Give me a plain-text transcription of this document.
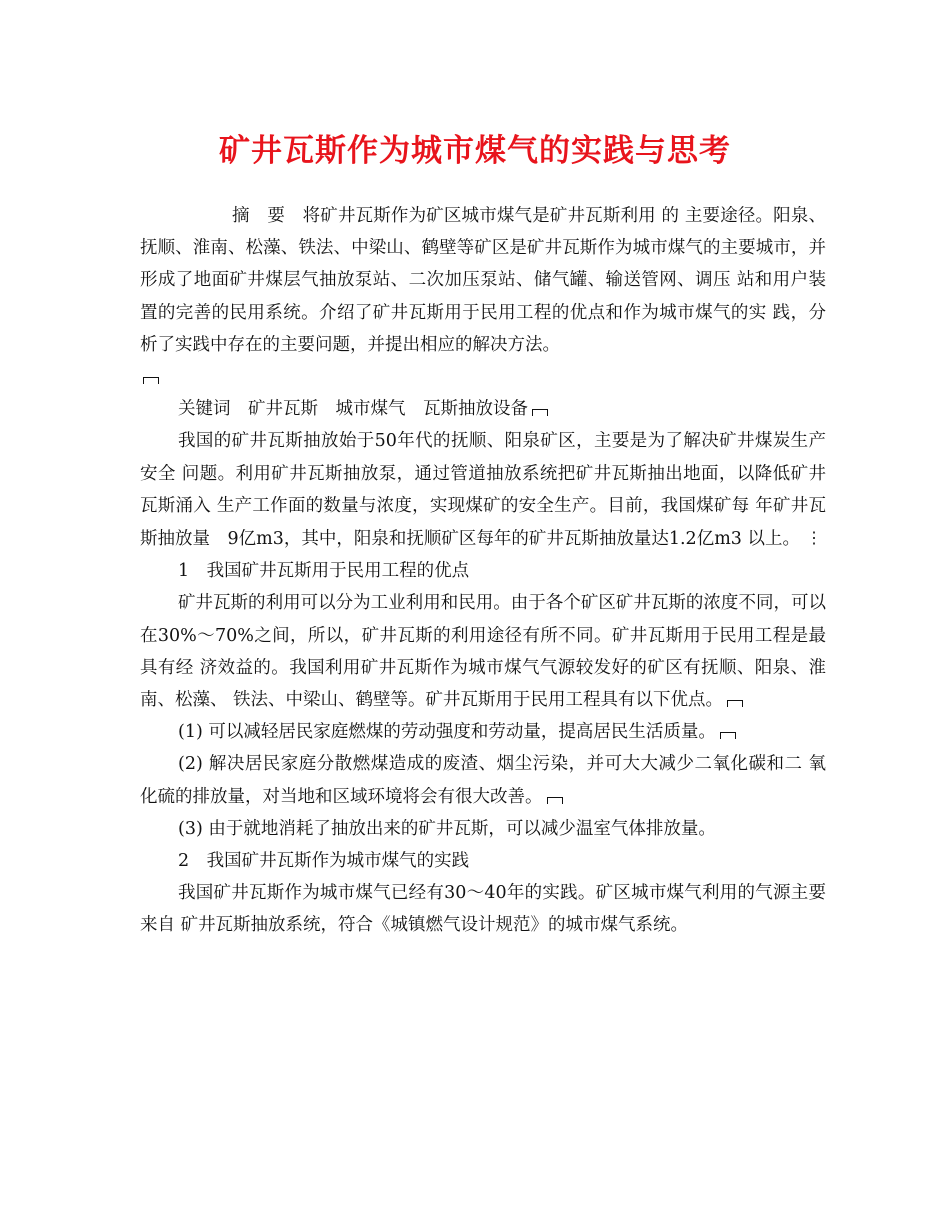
矿井瓦斯作为城市煤气的实践与思考

摘　要　将矿井瓦斯作为矿区城市煤气是矿井瓦斯利用 的 主要途径。阳泉、抚顺、淮南、松藻、铁法、中梁山、鹤壁等矿区是矿井瓦斯作为城市煤气的主要城市，并形成了地面矿井煤层气抽放泵站、二次加压泵站、储气罐、输送管网、调压 站和用户装置的完善的民用系统。介绍了矿井瓦斯用于民用工程的优点和作为城市煤气的实 践，分析了实践中存在的主要问题，并提出相应的解决方法。

关键词　矿井瓦斯　城市煤气　瓦斯抽放设备

我国的矿井瓦斯抽放始于50年代的抚顺、阳泉矿区，主要是为了解决矿井煤炭生产安全 问题。利用矿井瓦斯抽放泵，通过管道抽放系统把矿井瓦斯抽出地面，以降低矿井瓦斯涌入 生产工作面的数量与浓度，实现煤矿的安全生产。目前，我国煤矿每 年矿井瓦斯抽放量　9亿m3，其中，阳泉和抚顺矿区每年的矿井瓦斯抽放量达1.2亿m3 以上。 ⋮

1　我国矿井瓦斯用于民用工程的优点

矿井瓦斯的利用可以分为工业利用和民用。由于各个矿区矿井瓦斯的浓度不同，可以 在30%～70%之间，所以，矿井瓦斯的利用途径有所不同。矿井瓦斯用于民用工程是最具有经 济效益的。我国利用矿井瓦斯作为城市煤气气源较发好的矿区有抚顺、阳泉、淮南、松藻、 铁法、中梁山、鹤壁等。矿井瓦斯用于民用工程具有以下优点。

(1) 可以减轻居民家庭燃煤的劳动强度和劳动量，提高居民生活质量。

(2) 解决居民家庭分散燃煤造成的废渣、烟尘污染，并可大大减少二氧化碳和二 氧化硫的排放量，对当地和区域环境将会有很大改善。

(3) 由于就地消耗了抽放出来的矿井瓦斯，可以减少温室气体排放量。

2　我国矿井瓦斯作为城市煤气的实践

我国矿井瓦斯作为城市煤气已经有30～40年的实践。矿区城市煤气利用的气源主要来自 矿井瓦斯抽放系统，符合《城镇燃气设计规范》的城市煤气系统。
